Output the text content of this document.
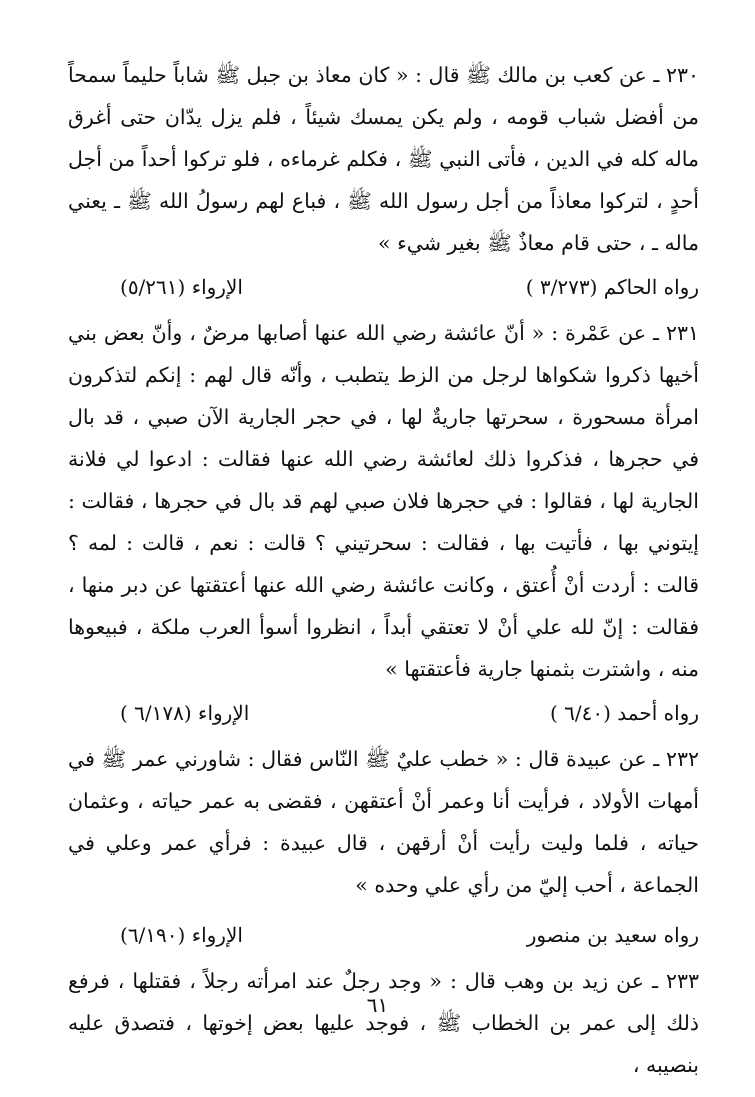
٢٣٠ ـ عن كعب بن مالك ﷺ قال : « كان معاذ بن جبل ﷺ شاباً حليماً سمحاً من أفضل شباب قومه ، ولم يكن يمسك شيئاً ، فلم يزل يدّان حتى أغرق ماله كله في الدين ، فأتى النبي ﷺ ، فكلم غرماءه ، فلو تركوا أحداً من أجل أحدٍ ، لتركوا معاذاً من أجل رسول الله ﷺ ، فباع لهم رسولُ الله ﷺ ـ يعني ماله ـ ، حتى قام معاذٌ ﷺ بغير شيء »

رواه الحاكم (٣/٢٧٣ )
الإرواء (٥/٢٦١)

٢٣١ ـ عن عَمْرة : « أنّ عائشة رضي الله عنها أصابها مرضٌ ، وأنّ بعض بني أخيها ذكروا شكواها لرجل من الزط يتطبب ، وأنّه قال لهم : إنكم لتذكرون امرأة مسحورة ، سحرتها جاريةٌ لها ، في حجر الجارية الآن صبي ، قد بال في حجرها ، فذكروا ذلك لعائشة رضي الله عنها فقالت : ادعوا لي فلانة الجارية لها ، فقالوا : في حجرها فلان صبي لهم قد بال في حجرها ، فقالت : إيتوني بها ، فأتيت بها ، فقالت : سحرتيني ؟ قالت : نعم ، قالت : لمه ؟ قالت : أردت أنْ أُعتق ، وكانت عائشة رضي الله عنها أعتقتها عن دبر منها ، فقالت : إنّ لله علي أنْ لا تعتقي أبداً ، انظروا أسوأ العرب ملكة ، فبيعوها منه ، واشترت بثمنها جارية فأعتقتها »

رواه أحمد (٦/٤٠ )
الإرواء (٦/١٧٨ )

٢٣٢ ـ عن عبيدة قال : « خطب عليٌ ﷺ النّاس فقال : شاورني عمر ﷺ في أمهات الأولاد ، فرأيت أنا وعمر أنْ أعتقهن ، فقضى به عمر حياته ، وعثمان حياته ، فلما وليت رأيت أنْ أرقهن ، قال عبيدة : فرأي عمر وعلي في الجماعة ، أحب إليّ من رأي علي وحده »

رواه سعيد بن منصور
الإرواء (٦/١٩٠)

٢٣٣ ـ عن زيد بن وهب قال : « وجد رجلٌ عند امرأته رجلاً ، فقتلها ، فرفع ذلك إلى عمر بن الخطاب ﷺ ، فوجد عليها بعض إخوتها ، فتصدق عليه بنصيبه ،

٦١
